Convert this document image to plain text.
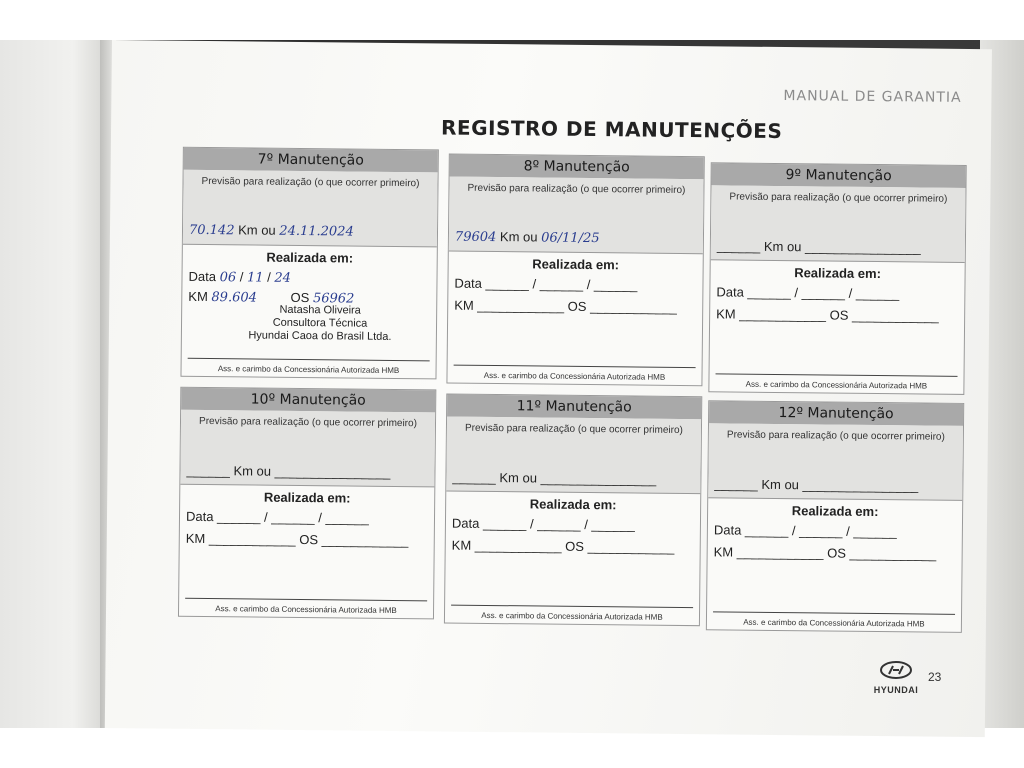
MANUAL DE GARANTIA
REGISTRO DE MANUTENÇÕES
7º Manutenção
Previsão para realização (o que ocorrer primeiro)
70.142 Km ou 24.11.2024
Realizada em:
Data 06 / 11 / 24
KM 89.604	OS 56962
Natasha Oliveira
Consultora Técnica
Hyundai Caoa do Brasil Ltda.
Ass. e carimbo da Concessionária Autorizada HMB
8º Manutenção
Previsão para realização (o que ocorrer primeiro)
79604 Km ou 06/11/25
Realizada em:
Data ______ / ______ / ______
KM ____________ OS ____________
Ass. e carimbo da Concessionária Autorizada HMB
9º Manutenção
Previsão para realização (o que ocorrer primeiro)
______ Km ou ________________
Realizada em:
Data ______ / ______ / ______
KM ____________ OS ____________
Ass. e carimbo da Concessionária Autorizada HMB
10º Manutenção
Previsão para realização (o que ocorrer primeiro)
______ Km ou ________________
Realizada em:
Data ______ / ______ / ______
KM ____________ OS ____________
Ass. e carimbo da Concessionária Autorizada HMB
11º Manutenção
Previsão para realização (o que ocorrer primeiro)
______ Km ou ________________
Realizada em:
Data ______ / ______ / ______
KM ____________ OS ____________
Ass. e carimbo da Concessionária Autorizada HMB
12º Manutenção
Previsão para realização (o que ocorrer primeiro)
______ Km ou ________________
Realizada em:
Data ______ / ______ / ______
KM ____________ OS ____________
Ass. e carimbo da Concessionária Autorizada HMB
HYUNDAI
23
